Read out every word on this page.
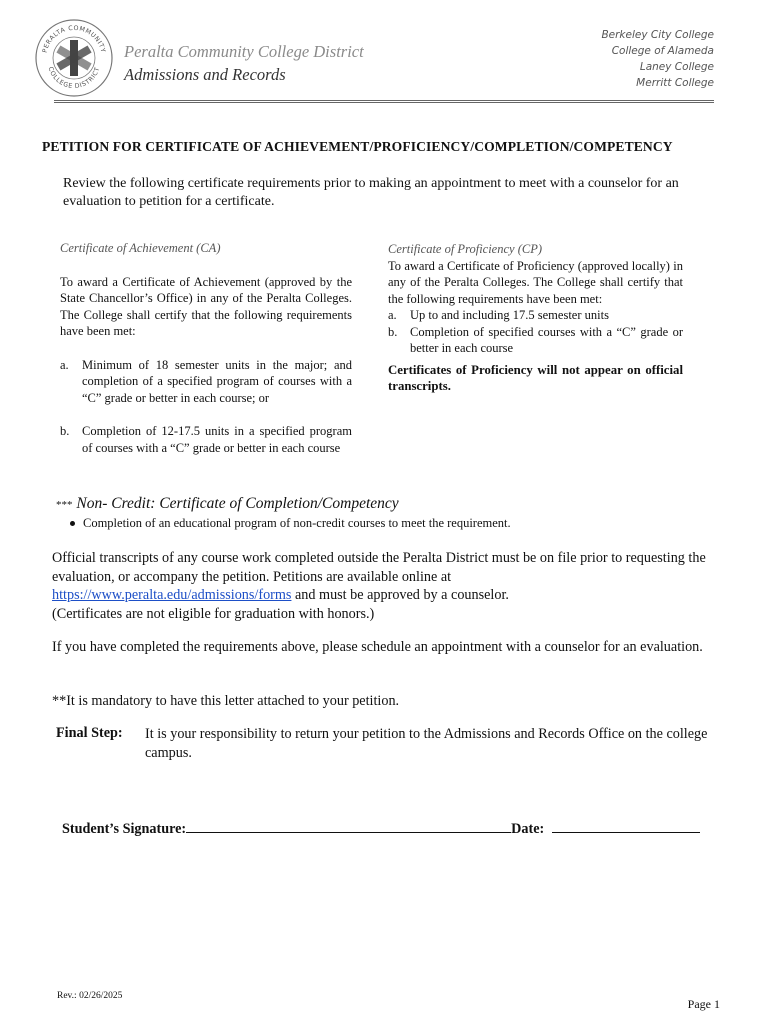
PERALTA COMMUNITY
COLLEGE DISTRICT
Peralta Community College District
Admissions and Records
Berkeley City College
College of Alameda
Laney College
Merritt College
PETITION FOR CERTIFICATE OF ACHIEVEMENT/PROFICIENCY/COMPLETION/COMPETENCY
Review the following certificate requirements prior to making an appointment to meet with a counselor for an evaluation to petition for a certificate.
Certificate of Achievement (CA)
To award a Certificate of Achievement (approved by the State Chancellor’s Office) in any of the Peralta Colleges. The College shall certify that the following requirements have been met:
a. Minimum of 18 semester units in the major; and completion of a specified program of courses with a “C” grade or better in each course; or
b. Completion of 12-17.5 units in a specified program of courses with a “C” grade or better in each course
Certificate of Proficiency (CP)
To award a Certificate of Proficiency (approved locally) in any of the Peralta Colleges. The College shall certify that the following requirements have been met:
a. Up to and including 17.5 semester units
b. Completion of specified courses with a “C” grade or better in each course
Certificates of Proficiency will not appear on official transcripts.
*** Non- Credit: Certificate of Completion/Competency
Completion of an educational program of non-credit courses to meet the requirement.
Official transcripts of any course work completed outside the Peralta District must be on file prior to requesting the evaluation, or accompany the petition. Petitions are available online at
https://www.peralta.edu/admissions/forms and must be approved by a counselor.
(Certificates are not eligible for graduation with honors.)
If you have completed the requirements above, please schedule an appointment with a counselor for an evaluation.
**It is mandatory to have this letter attached to your petition.
Final Step: It is your responsibility to return your petition to the Admissions and Records Office on the college campus.
Student’s Signature:	Date:
Rev.: 02/26/2025
Page 1
